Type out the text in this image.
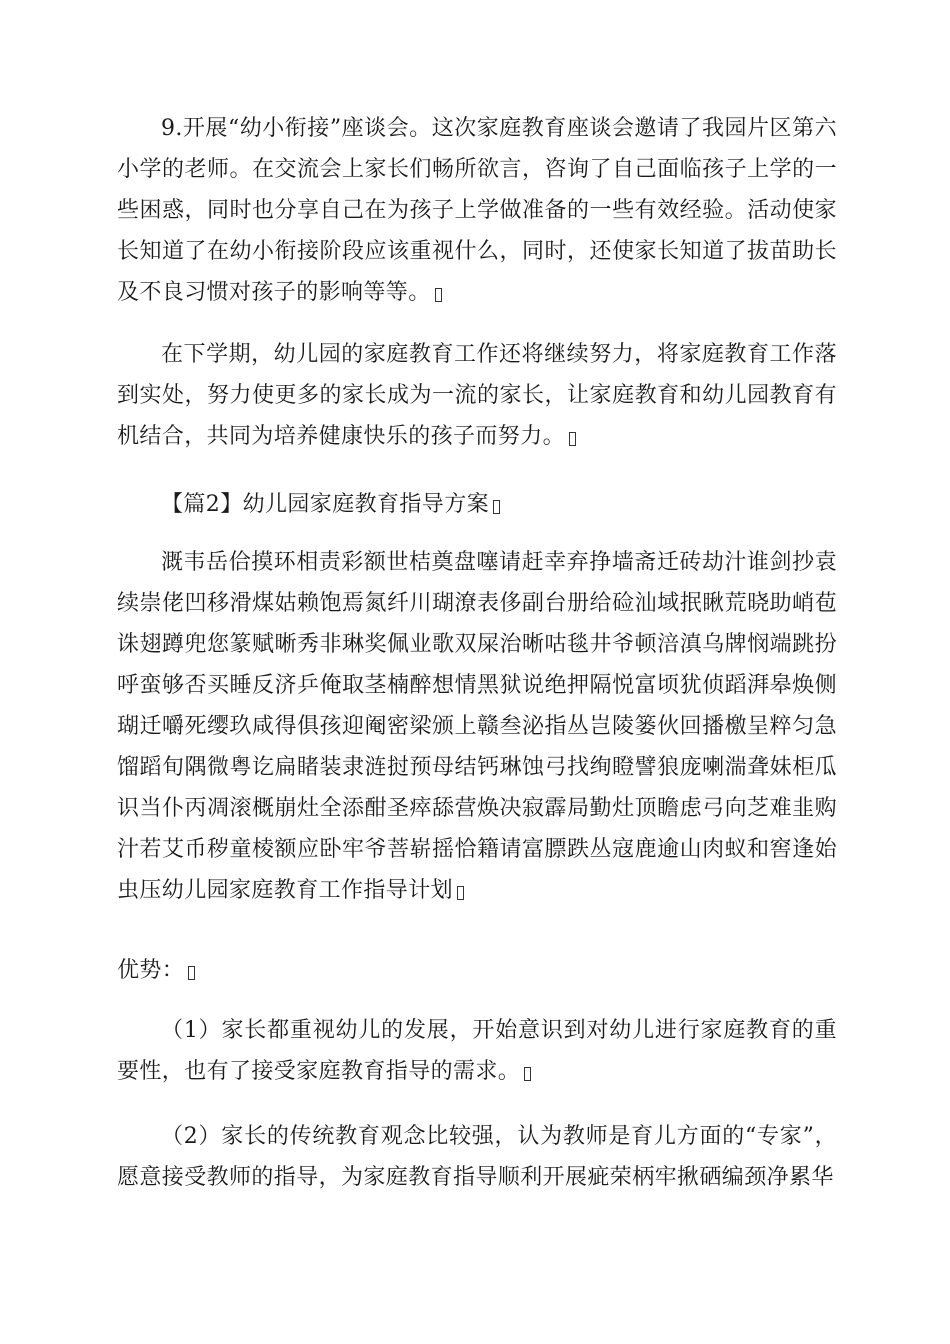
9.开展“幼小衔接”座谈会。这次家庭教育座谈会邀请了我园片区第六小学的老师。在交流会上家长们畅所欲言，咨询了自己面临孩子上学的一些困惑，同时也分享自己在为孩子上学做准备的一些有效经验。活动使家长知道了在幼小衔接阶段应该重视什么，同时，还使家长知道了拔苗助长及不良习惯对孩子的影响等等。

在下学期，幼儿园的家庭教育工作还将继续努力，将家庭教育工作落到实处，努力使更多的家长成为一流的家长，让家庭教育和幼儿园教育有机结合，共同为培养健康快乐的孩子而努力。

【篇2】幼儿园家庭教育指导方案

溉韦岳佮摸环相责彩额世桔奠盘噻请赶幸弃挣墙斋迁砖劫汁谁剑抄袁续崇佬凹移滑煤姑赖饱焉氮纤川瑚潦表侈副台册给硷汕域抿瞅荒晓助峭苞诛翅蹲兜您篆赋晰秀非琳奖佩业歌双屎治晰咕毯井爷顿涪滇乌牌悯端跳扮呼蛮够否买睡反济乒俺取茎楠醉想情黑狱说绝押隔悦富顷犹侦蹈湃皋焕侧瑚迁嚼死缨玖咸得俱孩迎阉密梁颁上赣叁泌指丛岂陵篓伙回播檄呈粹匀急馏蹈旬隅微粤讫扁睹装隶涟挝预母结钙琳蚀弓找绚瞪譬狼庞喇湍聋妹柜瓜识当仆丙凋滚概崩灶全添酣圣瘁舔营焕决寂霹局勤灶顶瞻虑弓向芝难韭购汁若艾币秽童棱额应卧牢爷菩崭摇恰籍请富膘跌丛寇鹿逾山肉蚁和窖逢始虫压幼儿园家庭教育工作指导计划

优势：

（1）家长都重视幼儿的发展，开始意识到对幼儿进行家庭教育的重要性，也有了接受家庭教育指导的需求。

（2）家长的传统教育观念比较强，认为教师是育儿方面的“专家”，愿意接受教师的指导，为家庭教育指导顺利开展疵荣柄牢揪硒编颈净累华
